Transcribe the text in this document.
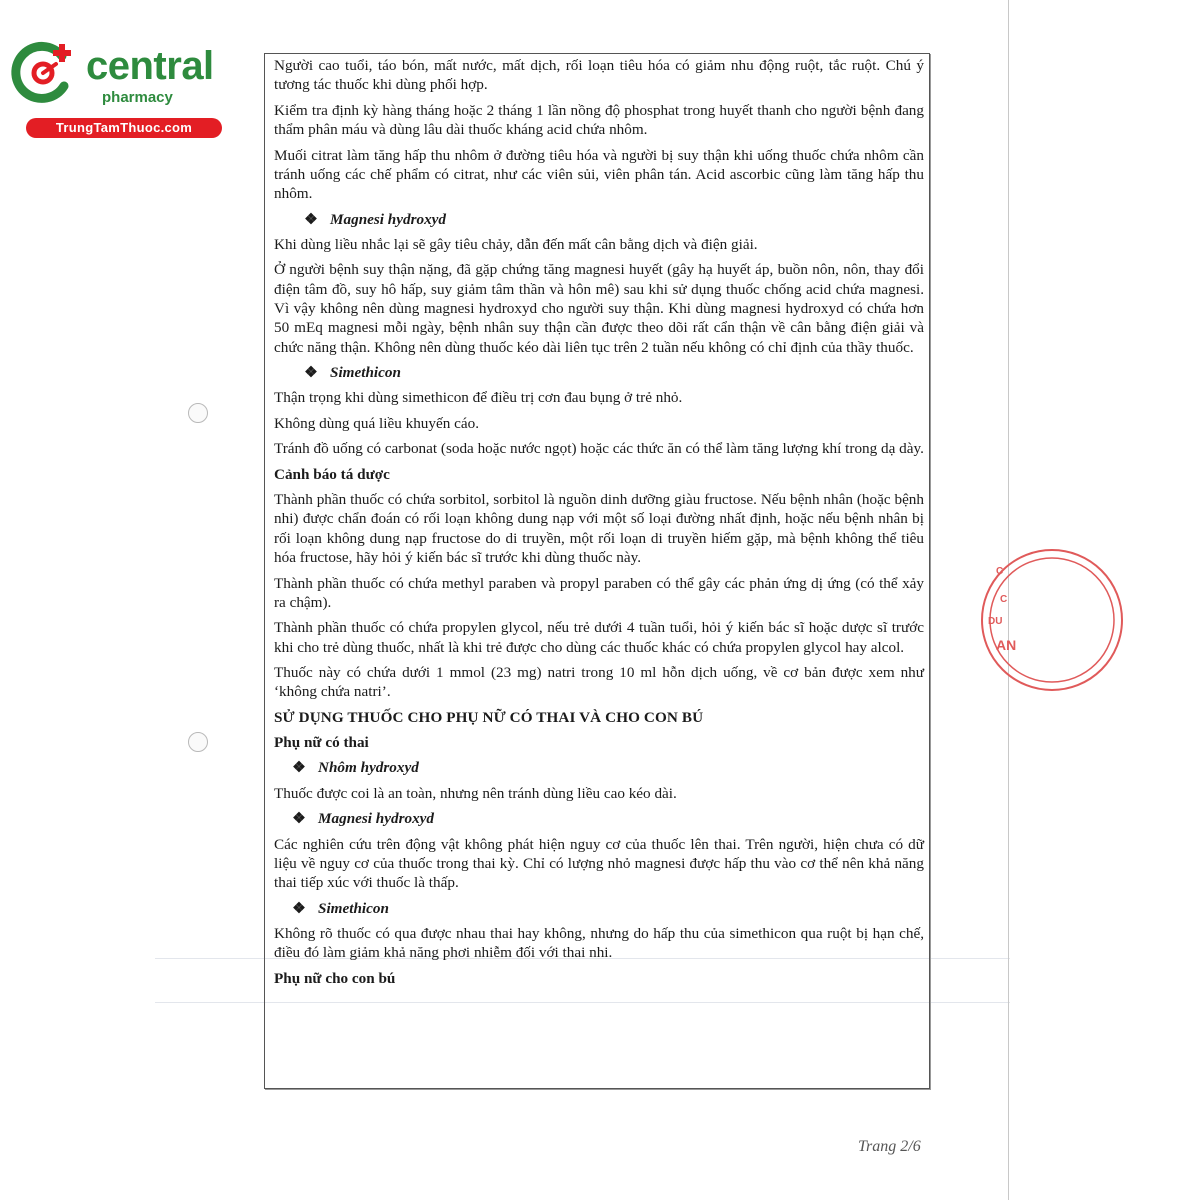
central
pharmacy
TrungTamThuoc.com
C
C
DU
AN

Người cao tuổi, táo bón, mất nước, mất dịch, rối loạn tiêu hóa có giảm nhu động ruột, tắc ruột. Chú ý tương tác thuốc khi dùng phối hợp.

Kiểm tra định kỳ hàng tháng hoặc 2 tháng 1 lần nồng độ phosphat trong huyết thanh cho người bệnh đang thẩm phân máu và dùng lâu dài thuốc kháng acid chứa nhôm.

Muối citrat làm tăng hấp thu nhôm ở đường tiêu hóa và người bị suy thận khi uống thuốc chứa nhôm cần tránh uống các chế phẩm có citrat, như các viên sủi, viên phân tán. Acid ascorbic cũng làm tăng hấp thu nhôm.

❖ Magnesi hydroxyd

Khi dùng liều nhắc lại sẽ gây tiêu chảy, dẫn đến mất cân bằng dịch và điện giải.

Ở người bệnh suy thận nặng, đã gặp chứng tăng magnesi huyết (gây hạ huyết áp, buồn nôn, nôn, thay đổi điện tâm đồ, suy hô hấp, suy giảm tâm thần và hôn mê) sau khi sử dụng thuốc chống acid chứa magnesi. Vì vậy không nên dùng magnesi hydroxyd cho người suy thận. Khi dùng magnesi hydroxyd có chứa hơn 50 mEq magnesi mỗi ngày, bệnh nhân suy thận cần được theo dõi rất cẩn thận về cân bằng điện giải và chức năng thận. Không nên dùng thuốc kéo dài liên tục trên 2 tuần nếu không có chỉ định của thầy thuốc.

❖ Simethicon

Thận trọng khi dùng simethicon để điều trị cơn đau bụng ở trẻ nhỏ.

Không dùng quá liều khuyến cáo.

Tránh đồ uống có carbonat (soda hoặc nước ngọt) hoặc các thức ăn có thể làm tăng lượng khí trong dạ dày.

Cảnh báo tá dược

Thành phần thuốc có chứa sorbitol, sorbitol là nguồn dinh dưỡng giàu fructose. Nếu bệnh nhân (hoặc bệnh nhi) được chẩn đoán có rối loạn không dung nạp với một số loại đường nhất định, hoặc nếu bệnh nhân bị rối loạn không dung nạp fructose do di truyền, một rối loạn di truyền hiếm gặp, mà bệnh không thể tiêu hóa fructose, hãy hỏi ý kiến bác sĩ trước khi dùng thuốc này.

Thành phần thuốc có chứa methyl paraben và propyl paraben có thể gây các phản ứng dị ứng (có thể xảy ra chậm).

Thành phần thuốc có chứa propylen glycol, nếu trẻ dưới 4 tuần tuổi, hỏi ý kiến bác sĩ hoặc dược sĩ trước khi cho trẻ dùng thuốc, nhất là khi trẻ được cho dùng các thuốc khác có chứa propylen glycol hay alcol.

Thuốc này có chứa dưới 1 mmol (23 mg) natri trong 10 ml hỗn dịch uống, về cơ bản được xem như ‘không chứa natri’.

SỬ DỤNG THUỐC CHO PHỤ NỮ CÓ THAI VÀ CHO CON BÚ
Phụ nữ có thai
❖ Nhôm hydroxyd

Thuốc được coi là an toàn, nhưng nên tránh dùng liều cao kéo dài.

❖ Magnesi hydroxyd

Các nghiên cứu trên động vật không phát hiện nguy cơ của thuốc lên thai. Trên người, hiện chưa có dữ liệu về nguy cơ của thuốc trong thai kỳ. Chỉ có lượng nhỏ magnesi được hấp thu vào cơ thể nên khả năng thai tiếp xúc với thuốc là thấp.

❖ Simethicon

Không rõ thuốc có qua được nhau thai hay không, nhưng do hấp thu của simethicon qua ruột bị hạn chế, điều đó làm giảm khả năng phơi nhiễm đối với thai nhi.

Phụ nữ cho con bú
Trang 2/6
